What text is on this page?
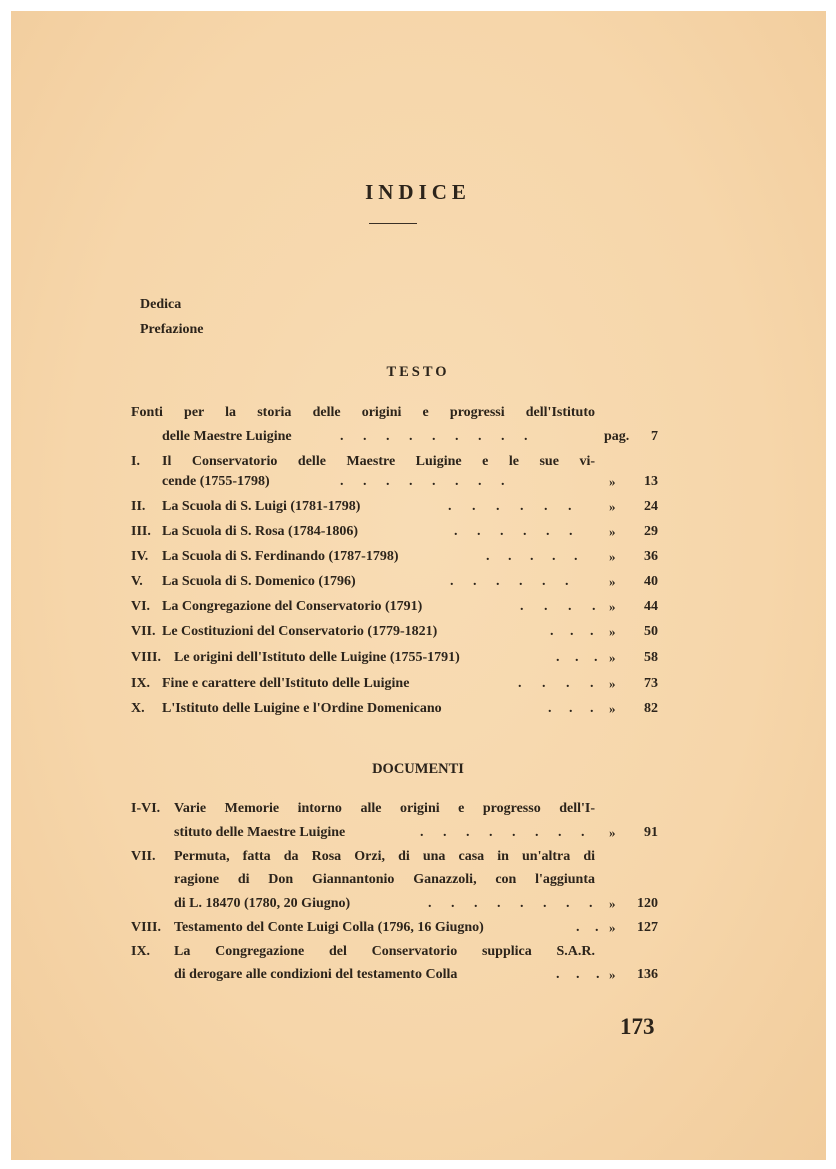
INDICE
Dedica
Prefazione
TESTO
Fonti per la storia delle origini e progressi dell'Istituto
delle Maestre Luigine	. . . . . . . . .	pag.	7
I. Il Conservatorio delle Maestre Luigine e le sue vi-
cende (1755-1798)	. . . . . . . .	»	13
II. La Scuola di S. Luigi (1781-1798)	. . . . . .	»	24
III. La Scuola di S. Rosa (1784-1806)	. . . . . .	»	29
IV. La Scuola di S. Ferdinando (1787-1798)	. . . . . »	36
V. La Scuola di S. Domenico (1796)	. . . . . .	»	40
VI. La Congregazione del Conservatorio (1791)	. . . . »	44
VII. Le Costituzioni del Conservatorio (1779-1821)	. . . »	50
VIII. Le origini dell'Istituto delle Luigine (1755-1791)	. . . »	58
IX. Fine e carattere dell'Istituto delle Luigine	. . . . »	73
X. L'Istituto delle Luigine e l'Ordine Domenicano	. . . »	82
DOCUMENTI
I-VI. Varie Memorie intorno alle origini e progresso dell'I-
stituto delle Maestre Luigine	. . . . . . . . »	91
VII. Permuta, fatta da Rosa Orzi, di una casa in un'altra di
ragione di Don Giannantonio Ganazzoli, con l'aggiunta
di L. 18470 (1780, 20 Giugno)	. . . . . . . . »	120
VIII. Testamento del Conte Luigi Colla (1796, 16 Giugno)	. . »	127
IX. La Congregazione del Conservatorio supplica S.A.R.
di derogare alle condizioni del testamento Colla	. . . »	136
173
